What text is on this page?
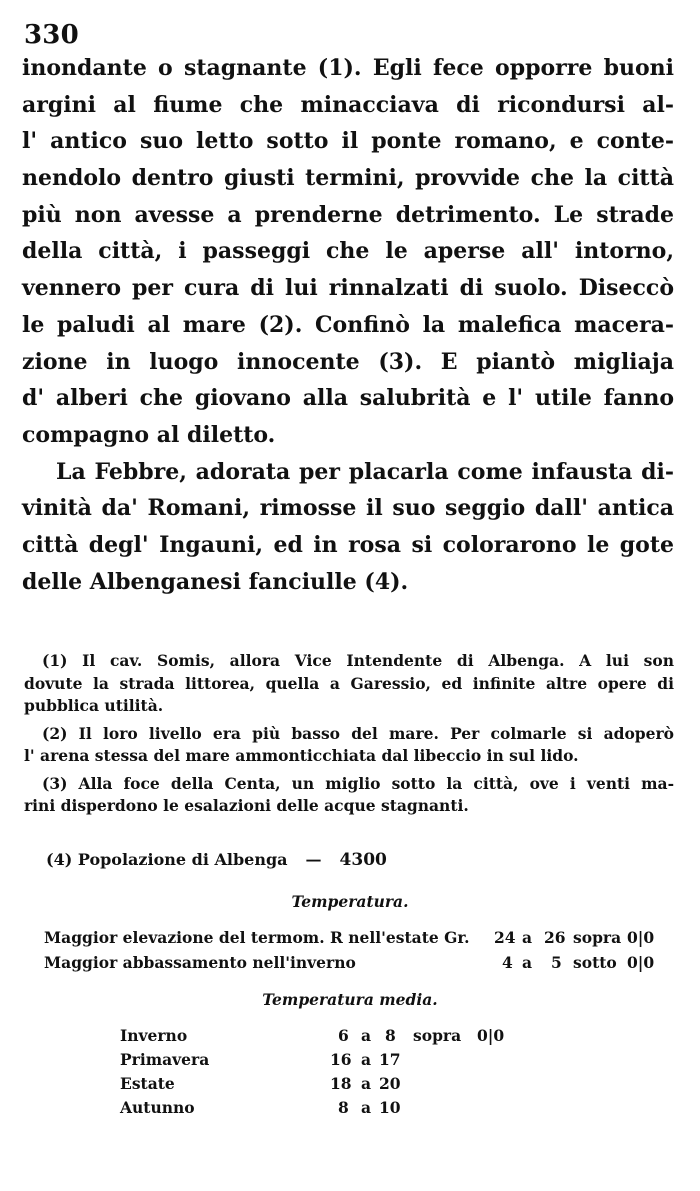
330
inondante o stagnante (1). Egli fece opporre buoni
argini al fiume che minacciava di ricondursi al-
l' antico suo letto sotto il ponte romano, e conte-
nendolo dentro giusti termini, provvide che la città
più non avesse a prenderne detrimento. Le strade
della città, i passeggi che le aperse all' intorno,
vennero per cura di lui rinnalzati di suolo. Diseccò
le paludi al mare (2). Confinò la malefica macera-
zione in luogo innocente (3). E piantò migliaja
d' alberi che giovano alla salubrità e l' utile fanno
compagno al diletto.
La Febbre, adorata per placarla come infausta di-
vinità da' Romani, rimosse il suo seggio dall' antica
città degl' Ingauni, ed in rosa si colorarono le gote
delle Albenganesi fanciulle (4).
(1) Il cav. Somis, allora Vice Intendente di Albenga. A lui son
dovute la strada littorea, quella a Garessio, ed infinite altre opere di
pubblica utilità.
(2) Il loro livello era più basso del mare. Per colmarle si adoperò
l' arena stessa del mare ammonticchiata dal libeccio in sul lido.
(3) Alla foce della Centa, un miglio sotto la città, ove i venti ma-
rini disperdono le esalazioni delle acque stagnanti.
(4) Popolazione di Albenga — 4300
Temperatura.
Maggior elevazione del termom. R nell'estate Gr. 24 a 26 sopra 0|0
Maggior abbassamento nell'inverno	4 a 5 sotto 0|0
Temperatura media.
Inverno	6 a 8 sopra 0|0
Primavera	16 a 17
Estate	18 a 20
Autunno	8 a 10
